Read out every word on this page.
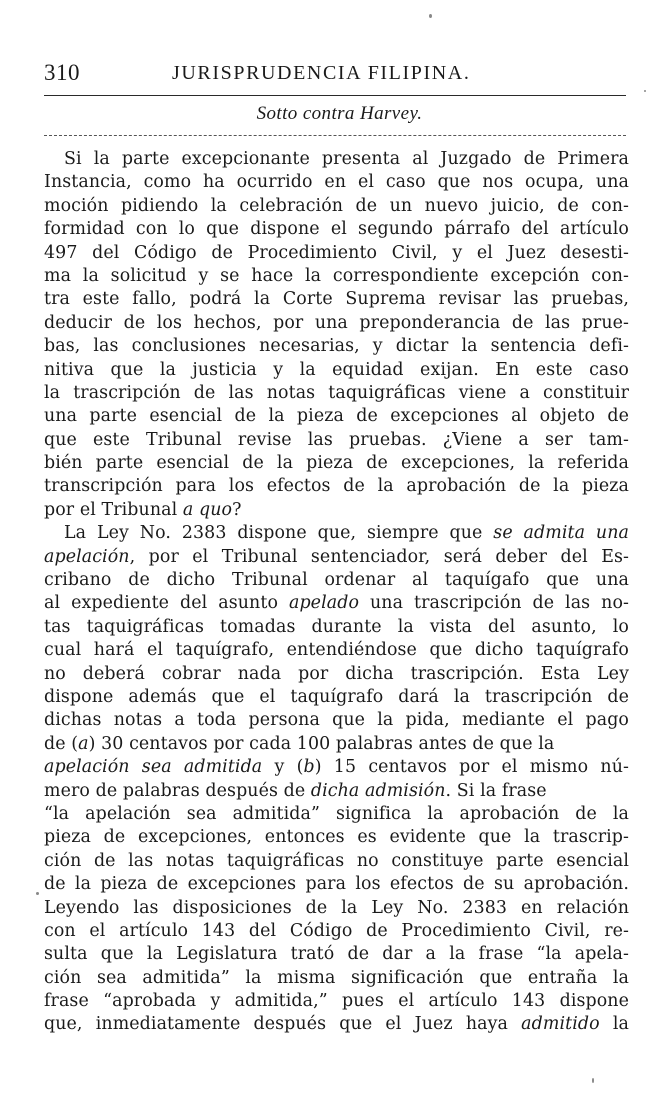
310	JURISPRUDENCIA FILIPINA.
Sotto contra Harvey.
Si la parte excepcionante presenta al Juzgado de Primera
Instancia, como ha ocurrido en el caso que nos ocupa, una
moción pidiendo la celebración de un nuevo juicio, de con-
formidad con lo que dispone el segundo párrafo del artículo
497 del Código de Procedimiento Civil, y el Juez desesti-
ma la solicitud y se hace la correspondiente excepción con-
tra este fallo, podrá la Corte Suprema revisar las pruebas,
deducir de los hechos, por una preponderancia de las prue-
bas, las conclusiones necesarias, y dictar la sentencia defi-
nitiva que la justicia y la equidad exijan. En este caso
la trascripción de las notas taquigráficas viene a constituir
una parte esencial de la pieza de excepciones al objeto de
que este Tribunal revise las pruebas. ¿Viene a ser tam-
bién parte esencial de la pieza de excepciones, la referida
transcripción para los efectos de la aprobación de la pieza
por el Tribunal a quo?
La Ley No. 2383 dispone que, siempre que se admita una
apelación, por el Tribunal sentenciador, será deber del Es-
cribano de dicho Tribunal ordenar al taquígafo que una
al expediente del asunto apelado una trascripción de las no-
tas taquigráficas tomadas durante la vista del asunto, lo
cual hará el taquígrafo, entendiéndose que dicho taquígrafo
no deberá cobrar nada por dicha trascripción. Esta Ley
dispone además que el taquígrafo dará la trascripción de
dichas notas a toda persona que la pida, mediante el pago
de (a) 30 centavos por cada 100 palabras antes de que la
apelación sea admitida y (b) 15 centavos por el mismo nú-
mero de palabras después de dicha admisión. Si la frase
“la apelación sea admitida” significa la aprobación de la
pieza de excepciones, entonces es evidente que la trascrip-
ción de las notas taquigráficas no constituye parte esencial
de la pieza de excepciones para los efectos de su aprobación.
Leyendo las disposiciones de la Ley No. 2383 en relación
con el artículo 143 del Código de Procedimiento Civil, re-
sulta que la Legislatura trató de dar a la frase “la apela-
ción sea admitida” la misma significación que entraña la
frase “aprobada y admitida,” pues el artículo 143 dispone
que, inmediatamente después que el Juez haya admitido la
